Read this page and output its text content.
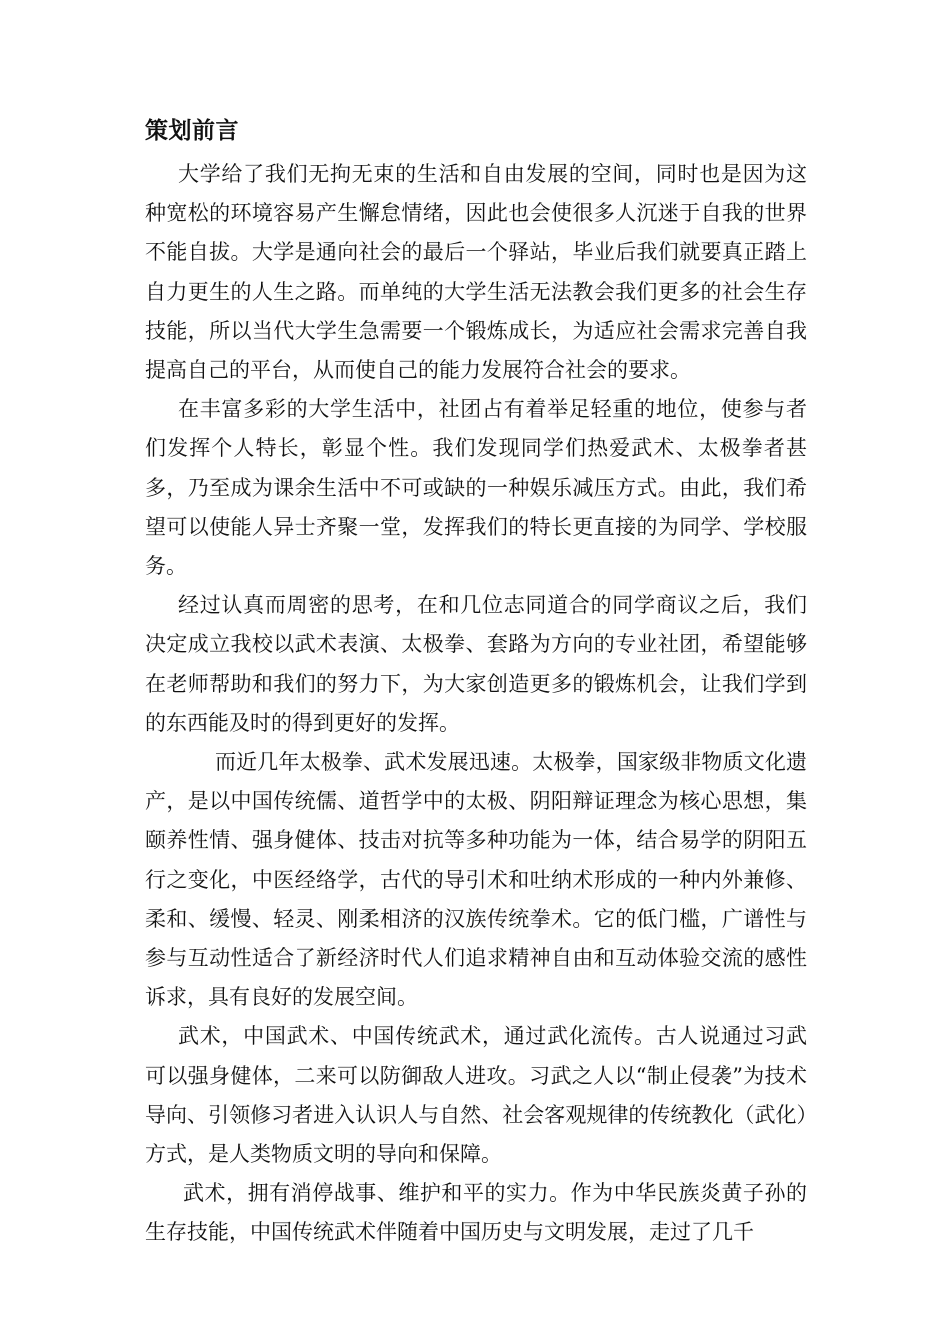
策划前言

大学给了我们无拘无束的生活和自由发展的空间，同时也是因为这种宽松的环境容易产生懈怠情绪，因此也会使很多人沉迷于自我的世界不能自拔。大学是通向社会的最后一个驿站，毕业后我们就要真正踏上自力更生的人生之路。而单纯的大学生活无法教会我们更多的社会生存技能，所以当代大学生急需要一个锻炼成长，为适应社会需求完善自我提高自己的平台，从而使自己的能力发展符合社会的要求。

在丰富多彩的大学生活中，社团占有着举足轻重的地位，使参与者们发挥个人特长，彰显个性。我们发现同学们热爱武术、太极拳者甚多，乃至成为课余生活中不可或缺的一种娱乐减压方式。由此，我们希望可以使能人异士齐聚一堂，发挥我们的特长更直接的为同学、学校服务。

经过认真而周密的思考，在和几位志同道合的同学商议之后，我们决定成立我校以武术表演、太极拳、套路为方向的专业社团，希望能够在老师帮助和我们的努力下，为大家创造更多的锻炼机会，让我们学到的东西能及时的得到更好的发挥。

而近几年太极拳、武术发展迅速。太极拳，国家级非物质文化遗产，是以中国传统儒、道哲学中的太极、阴阳辩证理念为核心思想，集颐养性情、强身健体、技击对抗等多种功能为一体，结合易学的阴阳五行之变化，中医经络学，古代的导引术和吐纳术形成的一种内外兼修、柔和、缓慢、轻灵、刚柔相济的汉族传统拳术。它的低门槛，广谱性与参与互动性适合了新经济时代人们追求精神自由和互动体验交流的感性诉求，具有良好的发展空间。

武术，中国武术、中国传统武术，通过武化流传。古人说通过习武可以强身健体，二来可以防御敌人进攻。习武之人以“制止侵袭”为技术导向、引领修习者进入认识人与自然、社会客观规律的传统教化（武化）方式，是人类物质文明的导向和保障。

武术，拥有消停战事、维护和平的实力。作为中华民族炎黄子孙的生存技能，中国传统武术伴随着中国历史与文明发展，走过了几千
